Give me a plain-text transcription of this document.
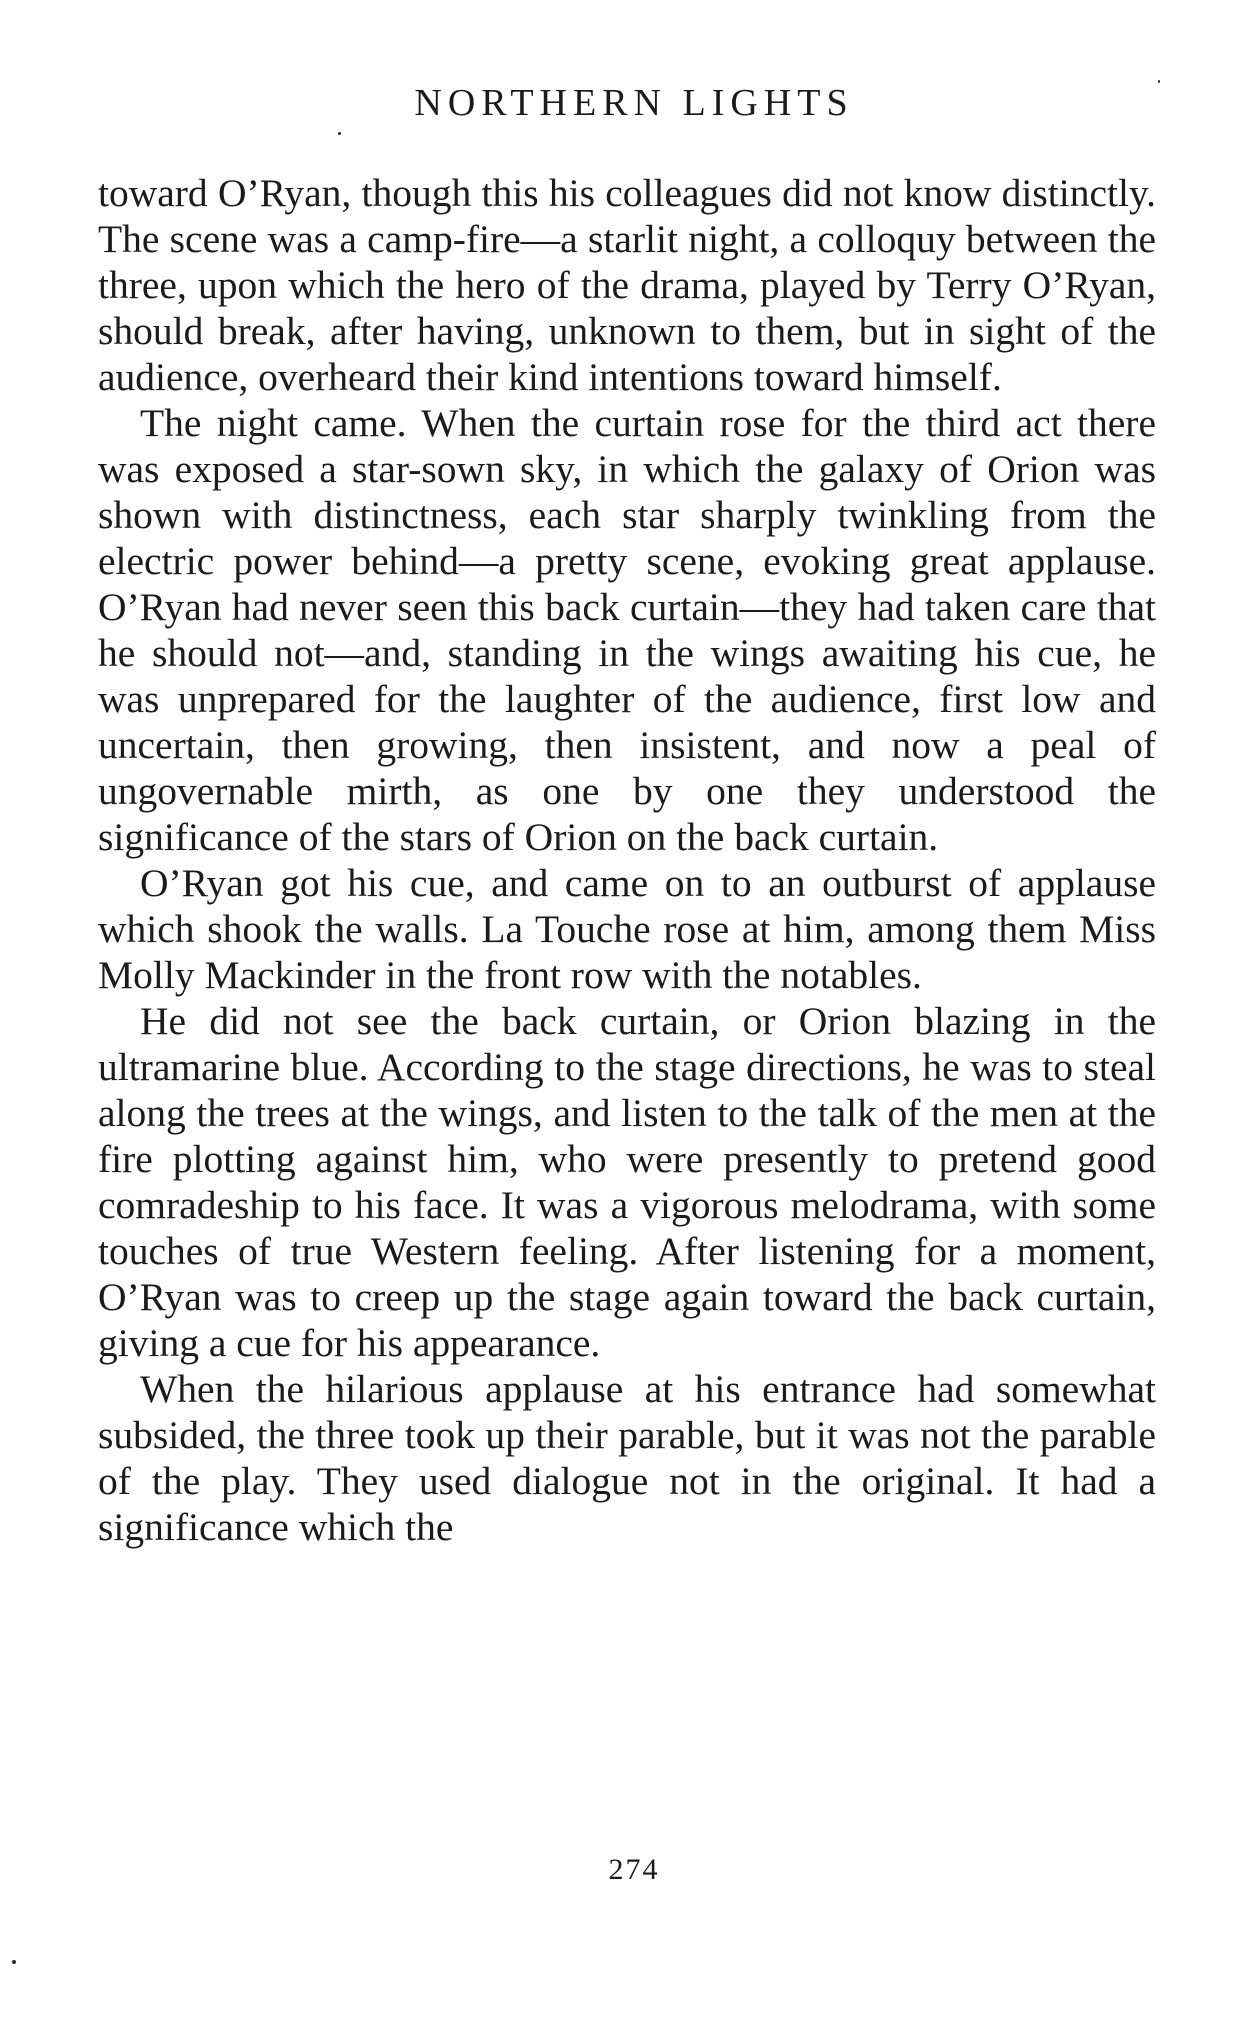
NORTHERN LIGHTS

toward O’Ryan, though this his colleagues did not know distinctly. The scene was a camp-fire—a starlit night, a colloquy between the three, upon which the hero of the drama, played by Terry O’Ryan, should break, after having, unknown to them, but in sight of the audience, overheard their kind intentions toward himself.

The night came. When the curtain rose for the third act there was exposed a star-sown sky, in which the galaxy of Orion was shown with distinctness, each star sharply twinkling from the electric power behind—a pretty scene, evoking great applause. O’Ryan had never seen this back curtain—they had taken care that he should not—and, standing in the wings awaiting his cue, he was unprepared for the laughter of the audience, first low and uncertain, then growing, then insistent, and now a peal of ungovernable mirth, as one by one they understood the significance of the stars of Orion on the back curtain.

O’Ryan got his cue, and came on to an outburst of applause which shook the walls. La Touche rose at him, among them Miss Molly Mackinder in the front row with the notables.

He did not see the back curtain, or Orion blazing in the ultramarine blue. According to the stage directions, he was to steal along the trees at the wings, and listen to the talk of the men at the fire plotting against him, who were presently to pretend good comradeship to his face. It was a vigorous melodrama, with some touches of true Western feeling. After listening for a moment, O’Ryan was to creep up the stage again toward the back curtain, giving a cue for his appearance.

When the hilarious applause at his entrance had somewhat subsided, the three took up their parable, but it was not the parable of the play. They used dialogue not in the original. It had a significance which the

274
